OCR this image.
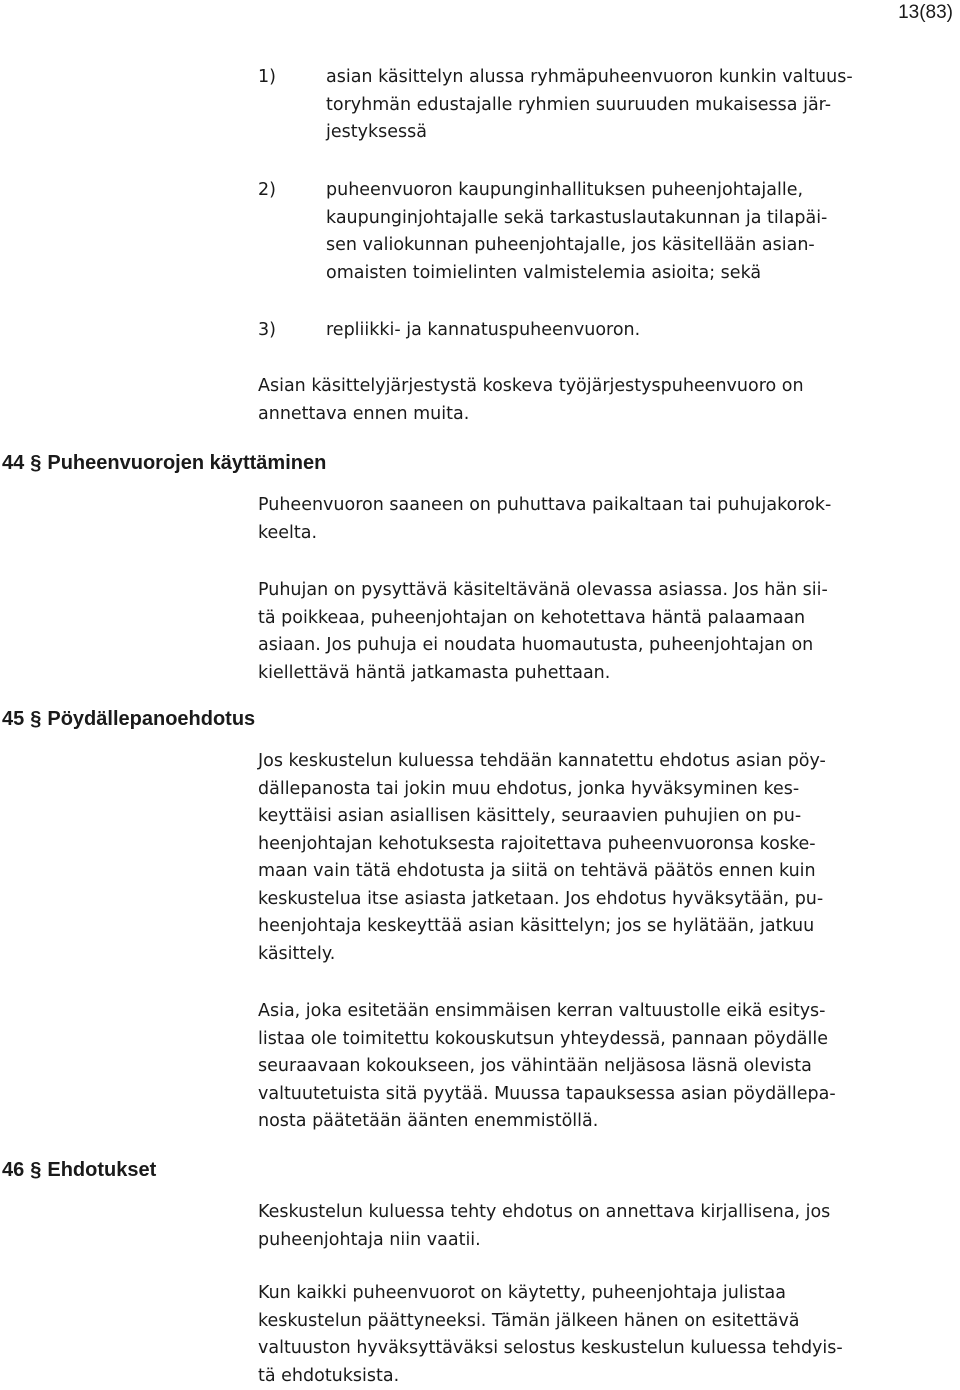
13(83)
1)	asian käsittelyn alussa ryhmäpuheenvuoron kunkin valtuus-
toryhmän edustajalle ryhmien suuruuden mukaisessa jär-
jestyksessä
2)	puheenvuoron kaupunginhallituksen puheenjohtajalle,
kaupunginjohtajalle sekä tarkastuslautakunnan ja tilapäi-
sen valiokunnan puheenjohtajalle, jos käsitellään asian-
omaisten toimielinten valmistelemia asioita; sekä
3)	repliikki- ja kannatuspuheenvuoron.
44 § Puheenvuorojen käyttäminen
45 § Pöydällepanoehdotus
46 § Ehdotukset
Asian käsittelyjärjestystä koskeva työjärjestyspuheenvuoro on
annettava ennen muita.
Puheenvuoron saaneen on puhuttava paikaltaan tai puhujakorok-
keelta.
Puhujan on pysyttävä käsiteltävänä olevassa asiassa. Jos hän sii-
tä poikkeaa, puheenjohtajan on kehotettava häntä palaamaan
asiaan. Jos puhuja ei noudata huomautusta, puheenjohtajan on
kiellettävä häntä jatkamasta puhettaan.
Jos keskustelun kuluessa tehdään kannatettu ehdotus asian pöy-
dällepanosta tai jokin muu ehdotus, jonka hyväksyminen kes-
keyttäisi asian asiallisen käsittely, seuraavien puhujien on pu-
heenjohtajan kehotuksesta rajoitettava puheenvuoronsa koske-
maan vain tätä ehdotusta ja siitä on tehtävä päätös ennen kuin
keskustelua itse asiasta jatketaan. Jos ehdotus hyväksytään, pu-
heenjohtaja keskeyttää asian käsittelyn; jos se hylätään, jatkuu
käsittely.
Asia, joka esitetään ensimmäisen kerran valtuustolle eikä esitys-
listaa ole toimitettu kokouskutsun yhteydessä, pannaan pöydälle
seuraavaan kokoukseen, jos vähintään neljäsosa läsnä olevista
valtuutetuista sitä pyytää. Muussa tapauksessa asian pöydällepa-
nosta päätetään äänten enemmistöllä.
Keskustelun kuluessa tehty ehdotus on annettava kirjallisena, jos
puheenjohtaja niin vaatii.
Kun kaikki puheenvuorot on käytetty, puheenjohtaja julistaa
keskustelun päättyneeksi. Tämän jälkeen hänen on esitettävä
valtuuston hyväksyttäväksi selostus keskustelun kuluessa tehdyis-
tä ehdotuksista.
